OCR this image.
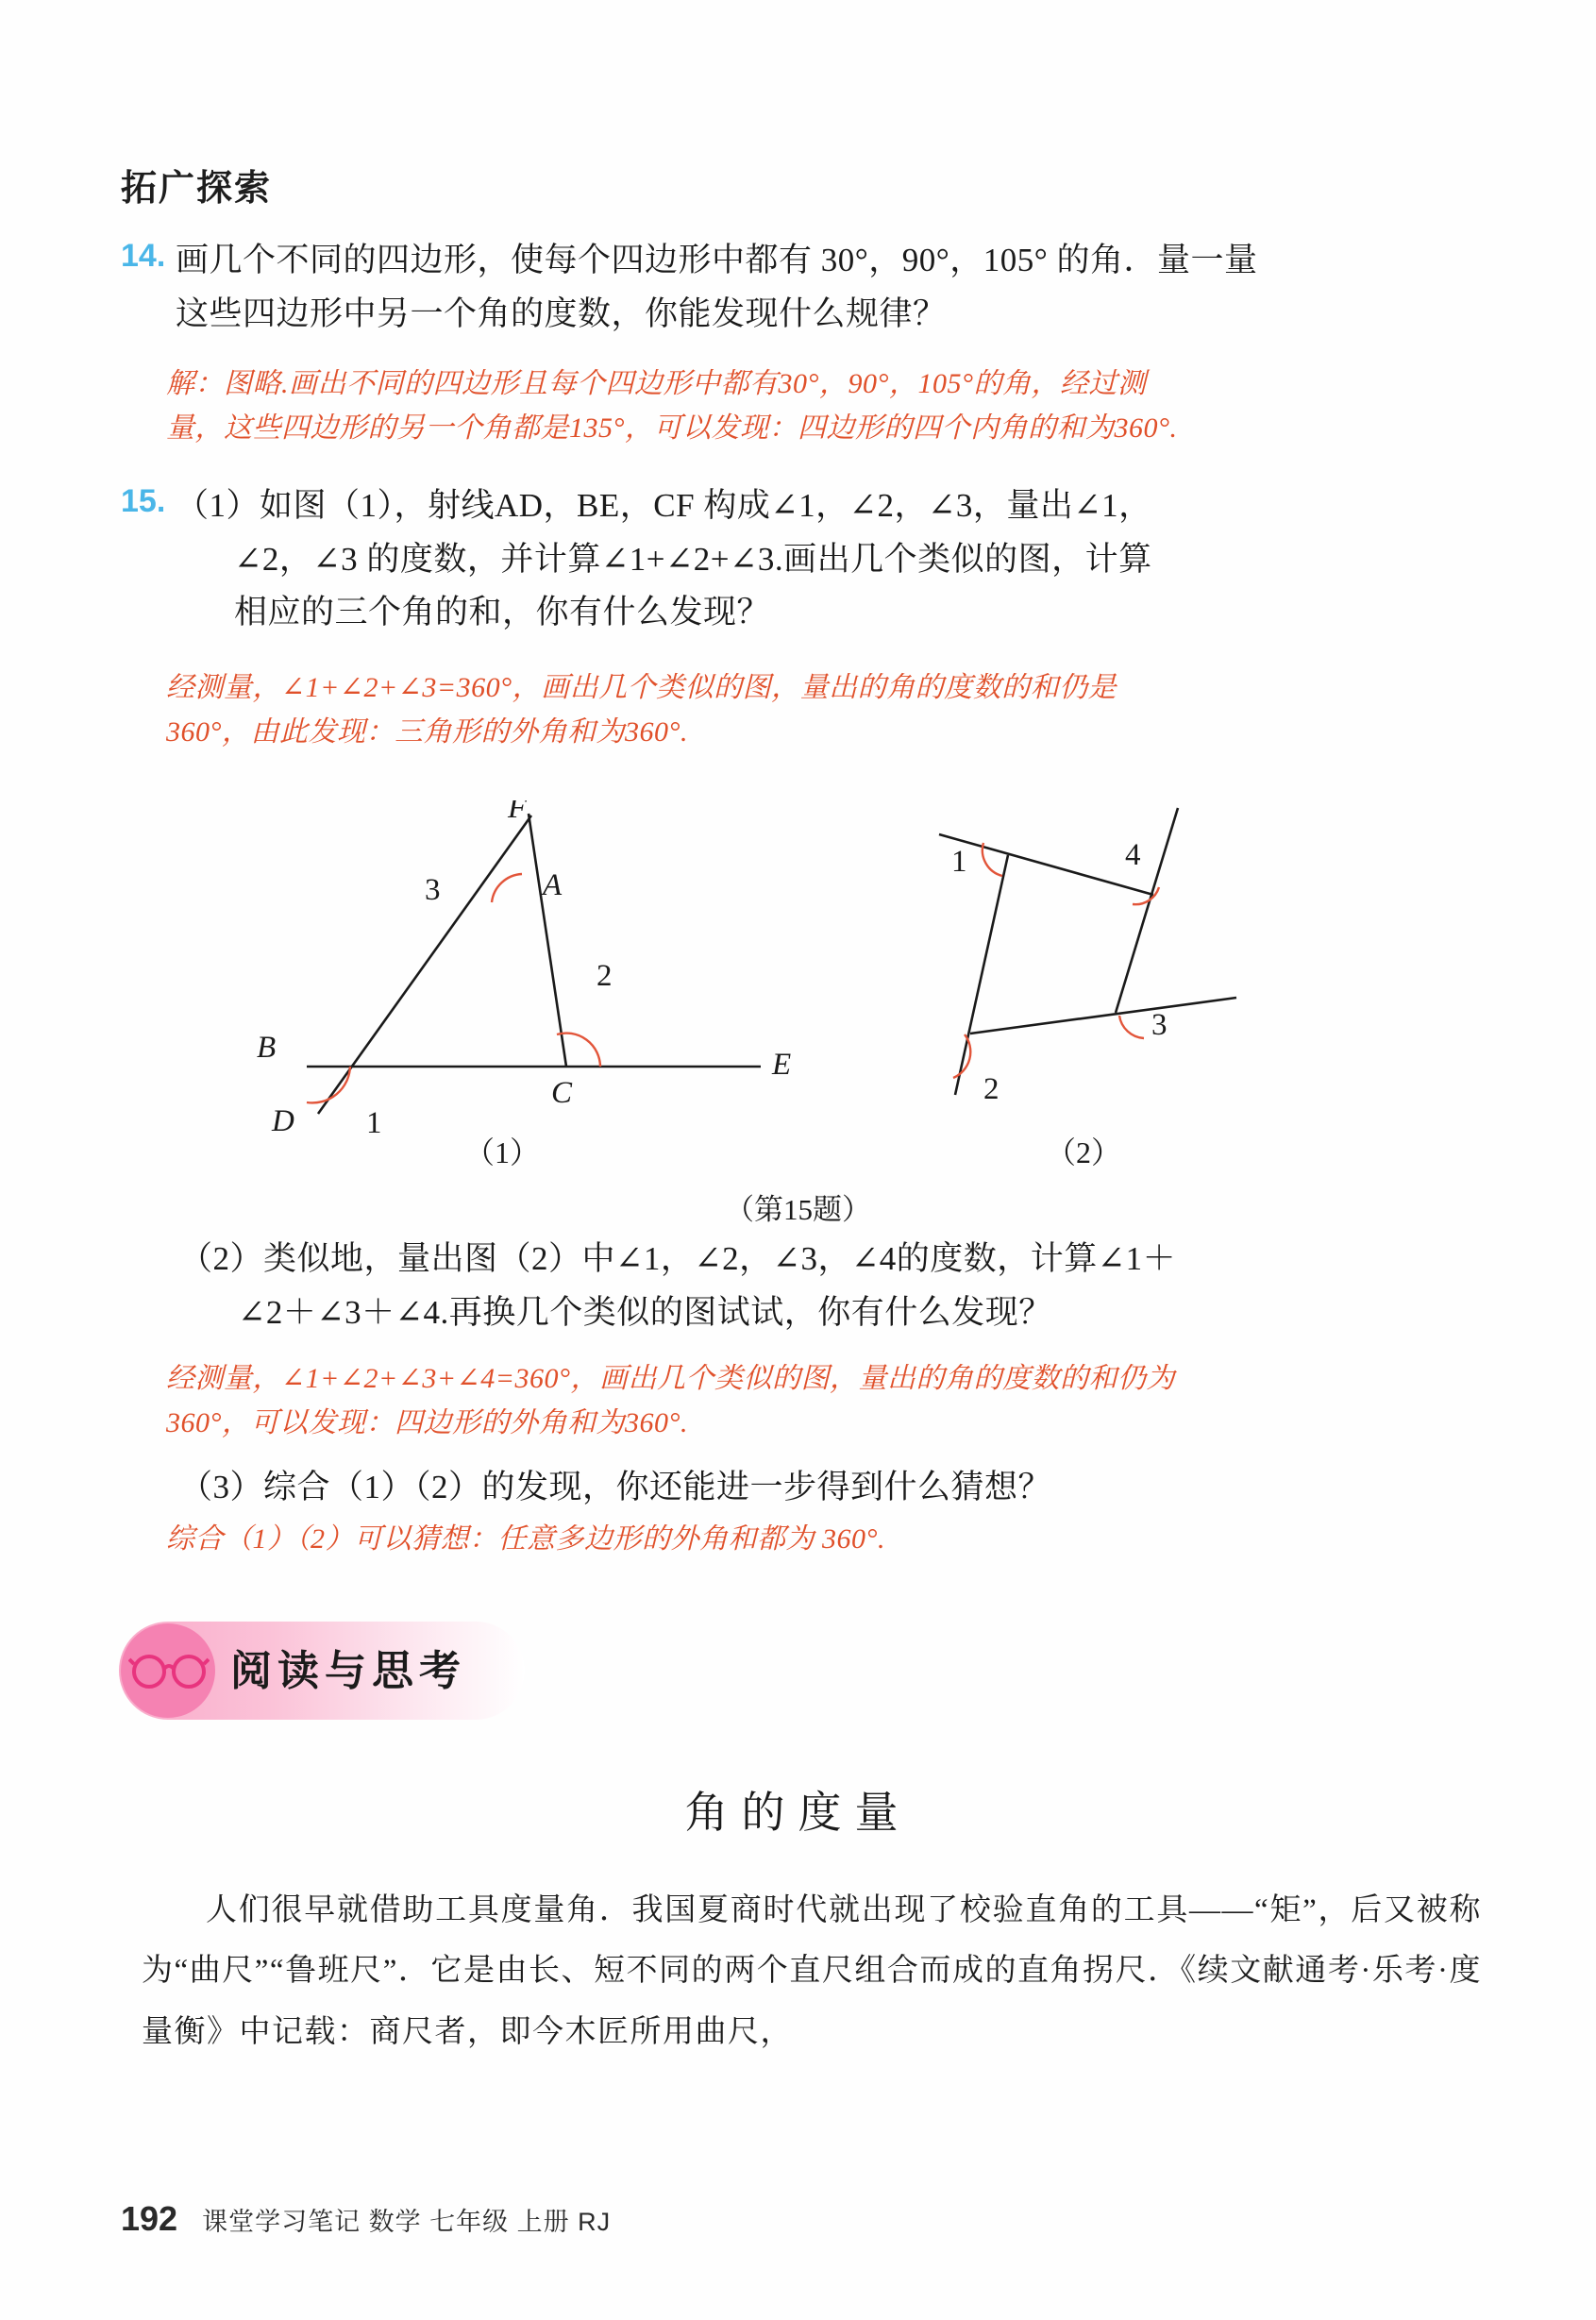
拓广探索
14. 画几个不同的四边形，使每个四边形中都有 30°，90°，105° 的角．量一量
这些四边形中另一个角的度数，你能发现什么规律？
解：图略.画出不同的四边形且每个四边形中都有30°，90°，105°的角，经过测
量，这些四边形的另一个角都是135°，可以发现：四边形的四个内角的和为360°.
15. （1）如图（1），射线AD，BE，CF 构成∠1，∠2，∠3，量出∠1，
∠2，∠3 的度数，并计算∠1+∠2+∠3.画出几个类似的图，计算
相应的三个角的和，你有什么发现？
经测量，∠1+∠2+∠3=360°，画出几个类似的图，量出的角的度数的和仍是
360°，由此发现：三角形的外角和为360°.
F
3	A
2
B	E
C
1
D
1	4
3
2
（1）	（2）
（第15题）
（2）类似地，量出图（2）中∠1，∠2，∠3，∠4的度数，计算∠1＋
∠2＋∠3＋∠4.再换几个类似的图试试，你有什么发现？
经测量，∠1+∠2+∠3+∠4=360°，画出几个类似的图，量出的角的度数的和仍为
360°，可以发现：四边形的外角和为360°.
（3）综合（1）（2）的发现，你还能进一步得到什么猜想？
综合（1）（2）可以猜想：任意多边形的外角和都为 360°.
阅读与思考
角的度量

人们很早就借助工具度量角．我国夏商时代就出现了校验直角的工具——“矩”，后又被称为“曲尺”“鲁班尺”．它是由长、短不同的两个直尺组合而成的直角拐尺．《续文献通考·乐考·度量衡》中记载：商尺者，即今木匠所用曲尺，

192 课堂学习笔记 数学 七年级 上册 RJ
